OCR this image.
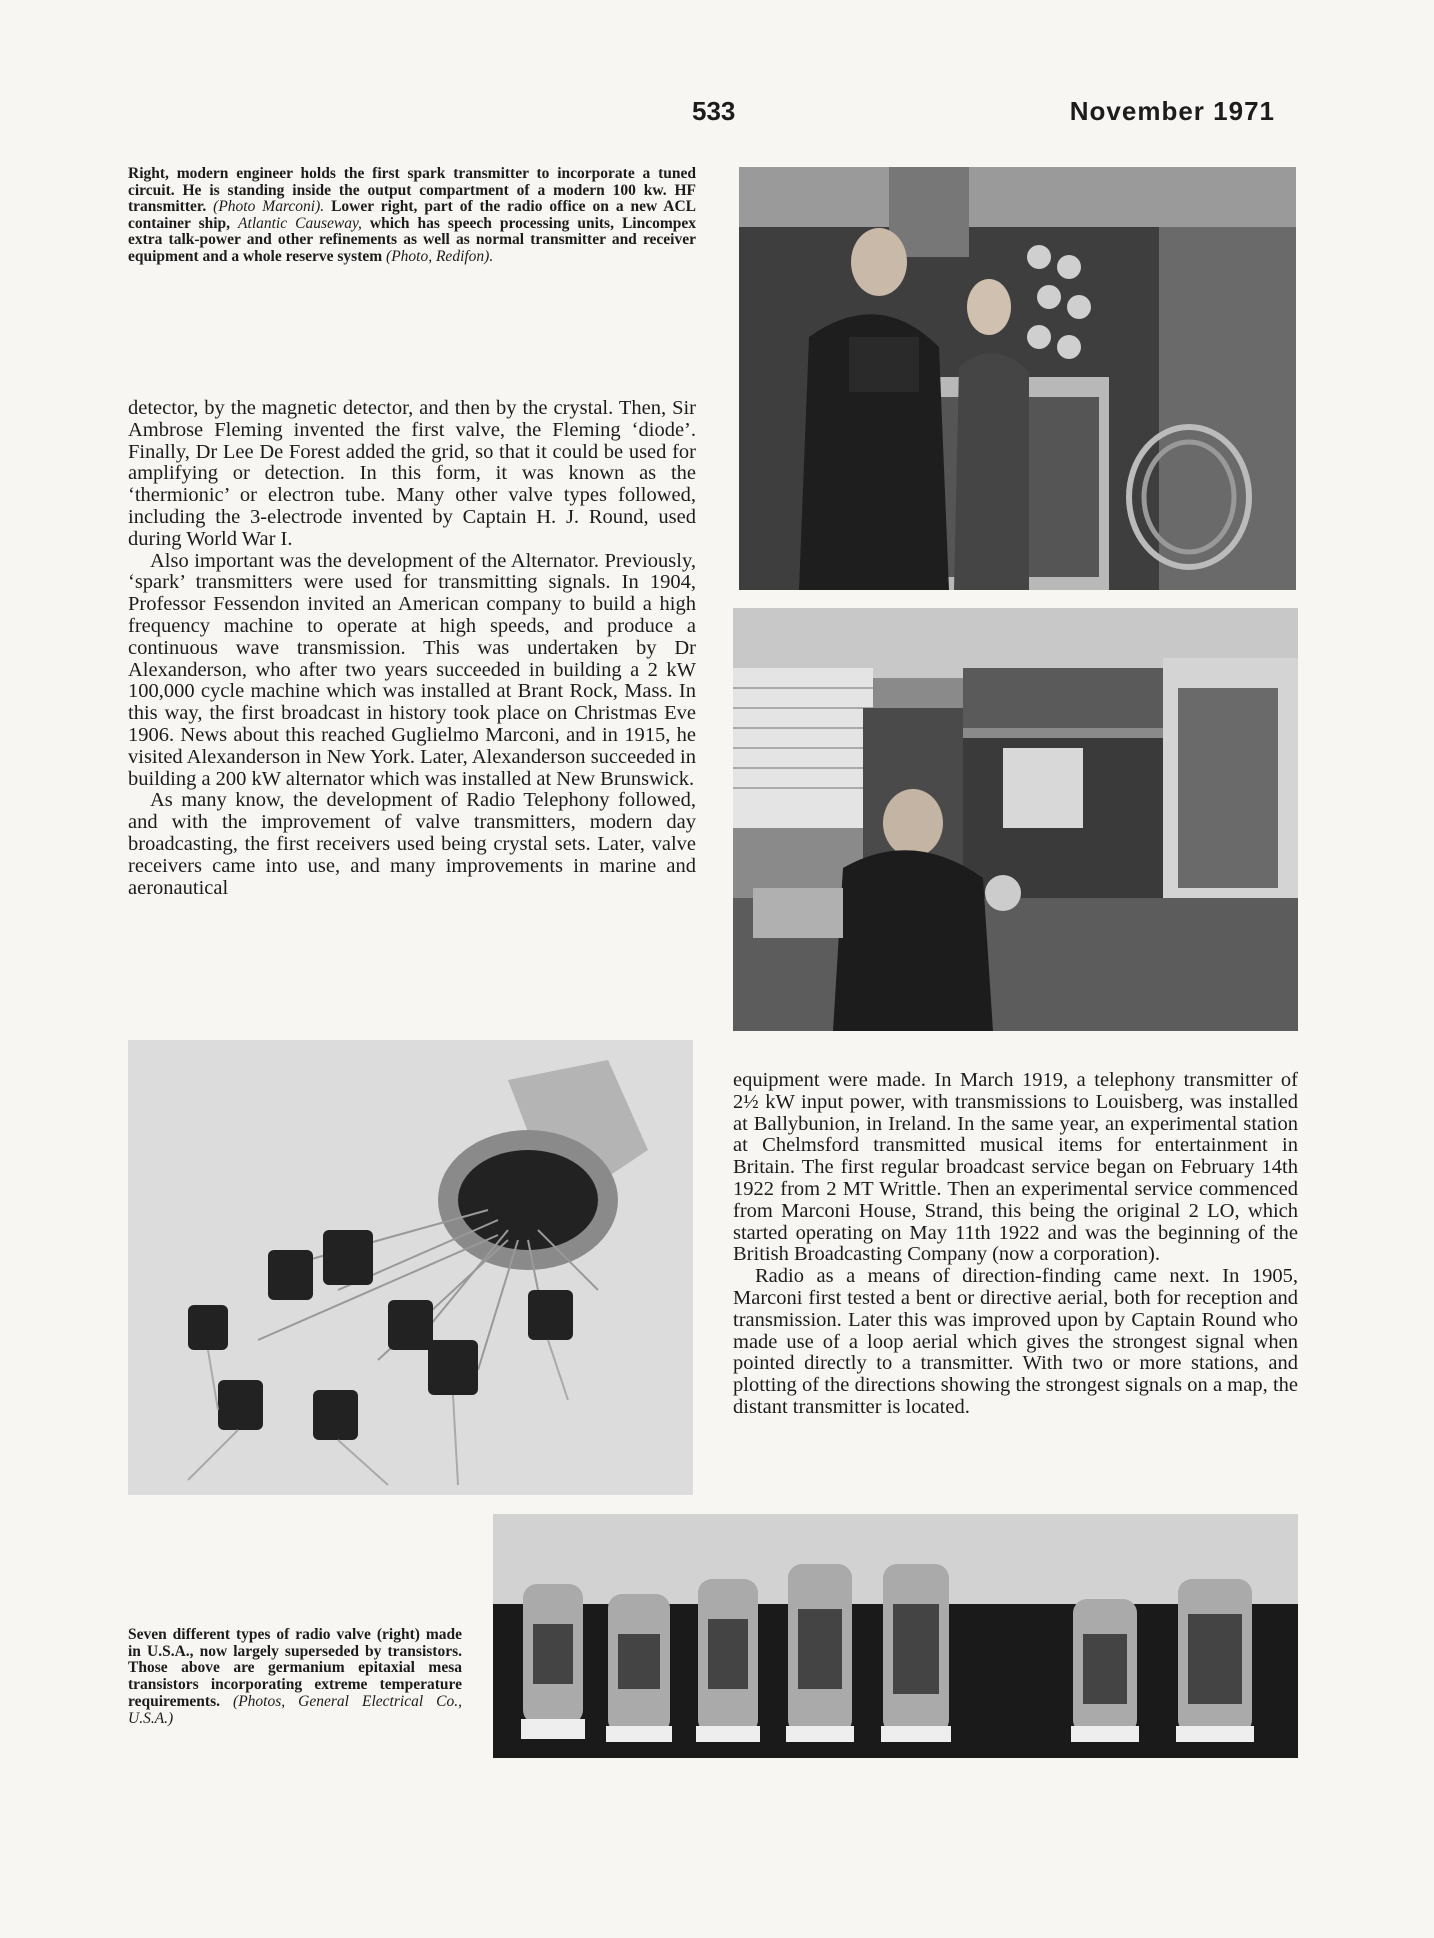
533	November 1971
Right, modern engineer holds the first spark transmitter to incorporate a tuned circuit. He is standing inside the output compartment of a modern 100 kw. HF transmitter. (Photo Marconi). Lower right, part of the radio office on a new ACL container ship, Atlantic Causeway, which has speech processing units, Lincompex extra talk-power and other refinements as well as normal transmitter and receiver equipment and a whole reserve system (Photo, Redifon).

detector, by the magnetic detector, and then by the crystal. Then, Sir Ambrose Fleming invented the first valve, the Fleming ‘diode’. Finally, Dr Lee De Forest added the grid, so that it could be used for amplifying or detection. In this form, it was known as the ‘thermionic’ or electron tube. Many other valve types followed, including the 3-electrode invented by Captain H. J. Round, used during World War I.

Also important was the development of the Alternator. Previously, ‘spark’ transmitters were used for transmitting signals. In 1904, Professor Fessendon invited an American company to build a high frequency machine to operate at high speeds, and produce a continuous wave transmission. This was undertaken by Dr Alexanderson, who after two years succeeded in building a 2 kW 100,000 cycle machine which was installed at Brant Rock, Mass. In this way, the first broadcast in history took place on Christmas Eve 1906. News about this reached Guglielmo Marconi, and in 1915, he visited Alexanderson in New York. Later, Alexanderson succeeded in building a 200 kW alternator which was installed at New Brunswick.

As many know, the development of Radio Telephony followed, and with the improvement of valve transmitters, modern day broadcasting, the first receivers used being crystal sets. Later, valve receivers came into use, and many improvements in marine and aeronautical

equipment were made. In March 1919, a telephony transmitter of 2½ kW input power, with transmissions to Louisberg, was installed at Ballybunion, in Ireland. In the same year, an experimental station at Chelmsford transmitted musical items for entertainment in Britain. The first regular broadcast service began on February 14th 1922 from 2 MT Writtle. Then an experimental service commenced from Marconi House, Strand, this being the original 2 LO, which started operating on May 11th 1922 and was the beginning of the British Broadcasting Company (now a corporation).

Radio as a means of direction-finding came next. In 1905, Marconi first tested a bent or directive aerial, both for reception and transmission. Later this was improved upon by Captain Round who made use of a loop aerial which gives the strongest signal when pointed directly to a transmitter. With two or more stations, and plotting of the directions showing the strongest signals on a map, the distant transmitter is located.

Seven different types of radio valve (right) made in U.S.A., now largely superseded by transistors. Those above are germanium epitaxial mesa transistors incorporating extreme temperature requirements. (Photos, General Electrical Co., U.S.A.)
